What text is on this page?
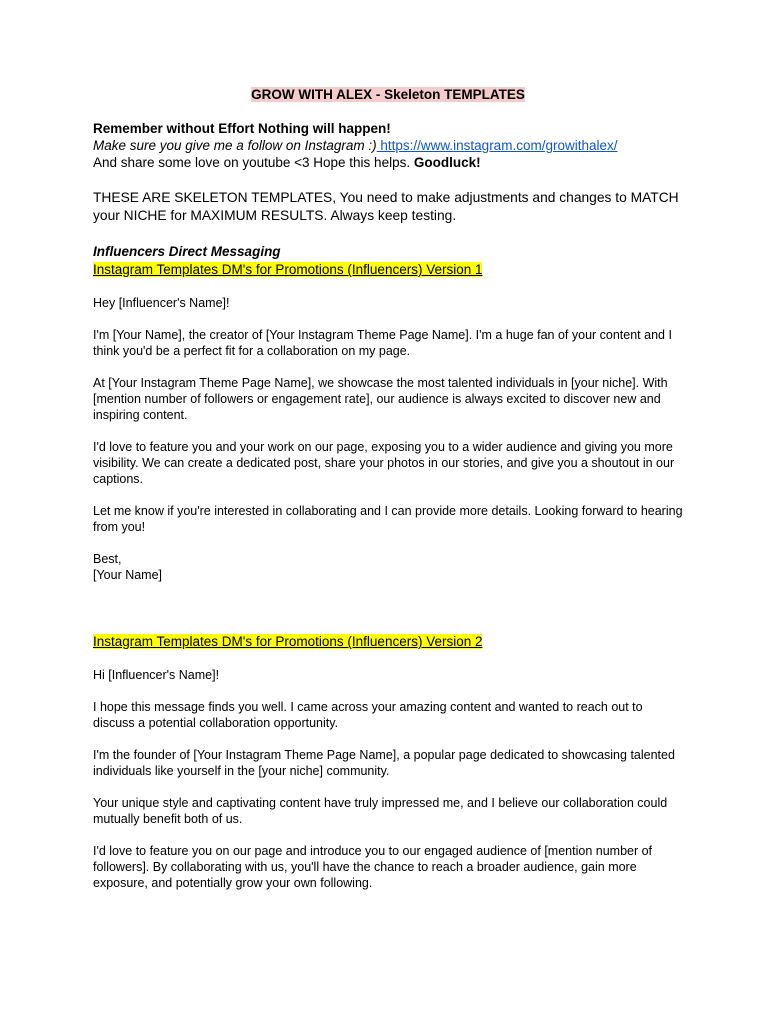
GROW WITH ALEX - Skeleton TEMPLATES

Remember without Effort Nothing will happen!

Make sure you give me a follow on Instagram :) https://www.instagram.com/growithalex/

And share some love on youtube <3 Hope this helps. Goodluck!

THESE ARE SKELETON TEMPLATES, You need to make adjustments and changes to MATCH your NICHE for MAXIMUM RESULTS. Always keep testing.

Influencers Direct Messaging

Instagram Templates DM's for Promotions (Influencers) Version 1

Hey [Influencer's Name]!

I'm [Your Name], the creator of [Your Instagram Theme Page Name]. I'm a huge fan of your content and I think you'd be a perfect fit for a collaboration on my page.

At [Your Instagram Theme Page Name], we showcase the most talented individuals in [your niche]. With [mention number of followers or engagement rate], our audience is always excited to discover new and inspiring content.

I'd love to feature you and your work on our page, exposing you to a wider audience and giving you more visibility. We can create a dedicated post, share your photos in our stories, and give you a shoutout in our captions.

Let me know if you're interested in collaborating and I can provide more details. Looking forward to hearing from you!

Best,

[Your Name]

Instagram Templates DM's for Promotions (Influencers) Version 2

Hi [Influencer's Name]!

I hope this message finds you well. I came across your amazing content and wanted to reach out to discuss a potential collaboration opportunity.

I'm the founder of [Your Instagram Theme Page Name], a popular page dedicated to showcasing talented individuals like yourself in the [your niche] community.

Your unique style and captivating content have truly impressed me, and I believe our collaboration could mutually benefit both of us.

I'd love to feature you on our page and introduce you to our engaged audience of [mention number of followers]. By collaborating with us, you'll have the chance to reach a broader audience, gain more exposure, and potentially grow your own following.
